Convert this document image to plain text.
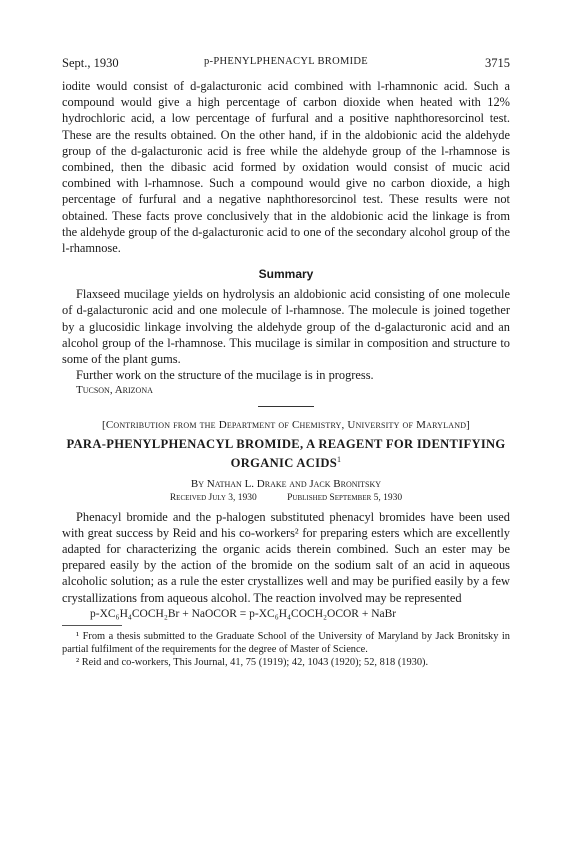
Sept., 1930	p-PHENYLPHENACYL BROMIDE	3715

iodite would consist of d-galacturonic acid combined with l-rhamnonic acid. Such a compound would give a high percentage of carbon dioxide when heated with 12% hydrochloric acid, a low percentage of furfural and a positive naphthoresorcinol test. These are the results obtained. On the other hand, if in the aldobionic acid the aldehyde group of the d-galacturonic acid is free while the aldehyde group of the l-rhamnose is combined, then the dibasic acid formed by oxidation would consist of mucic acid combined with l-rhamnose. Such a compound would give no carbon dioxide, a high percentage of furfural and a negative naphthoresorcinol test. These results were not obtained. These facts prove conclusively that in the aldobionic acid the linkage is from the aldehyde group of the d-galacturonic acid to one of the secondary alcohol group of the l-rhamnose.

Summary

Flaxseed mucilage yields on hydrolysis an aldobionic acid consisting of one molecule of d-galacturonic acid and one molecule of l-rhamnose. The molecule is joined together by a glucosidic linkage involving the aldehyde group of the d-galacturonic acid and an alcohol group of the l-rhamnose. This mucilage is similar in composition and structure to some of the plant gums.

Further work on the structure of the mucilage is in progress.

Tucson, Arizona
[Contribution from the Department of Chemistry, University of Maryland]
PARA-PHENYLPHENACYL BROMIDE, A REAGENT FOR IDENTIFYING ORGANIC ACIDS$^1$
By Nathan L. Drake and Jack Bronitsky
Received July 3, 1930	Published September 5, 1930

Phenacyl bromide and the p-halogen substituted phenacyl bromides have been used with great success by Reid and his co-workers² for preparing esters which are excellently adapted for characterizing the organic acids therein combined. Such an ester may be prepared easily by the action of the bromide on the sodium salt of an acid in aqueous alcoholic solution; as a rule the ester crystallizes well and may be purified easily by a few crystallizations from aqueous alcohol. The reaction involved may be represented

p-XC₆H₄COCH₂Br + NaOCOR = p-XC₆H₄COCH₂OCOR + NaBr

¹ From a thesis submitted to the Graduate School of the University of Maryland by Jack Bronitsky in partial fulfilment of the requirements for the degree of Master of Science.

² Reid and co-workers, This Journal, 41, 75 (1919); 42, 1043 (1920); 52, 818 (1930).
